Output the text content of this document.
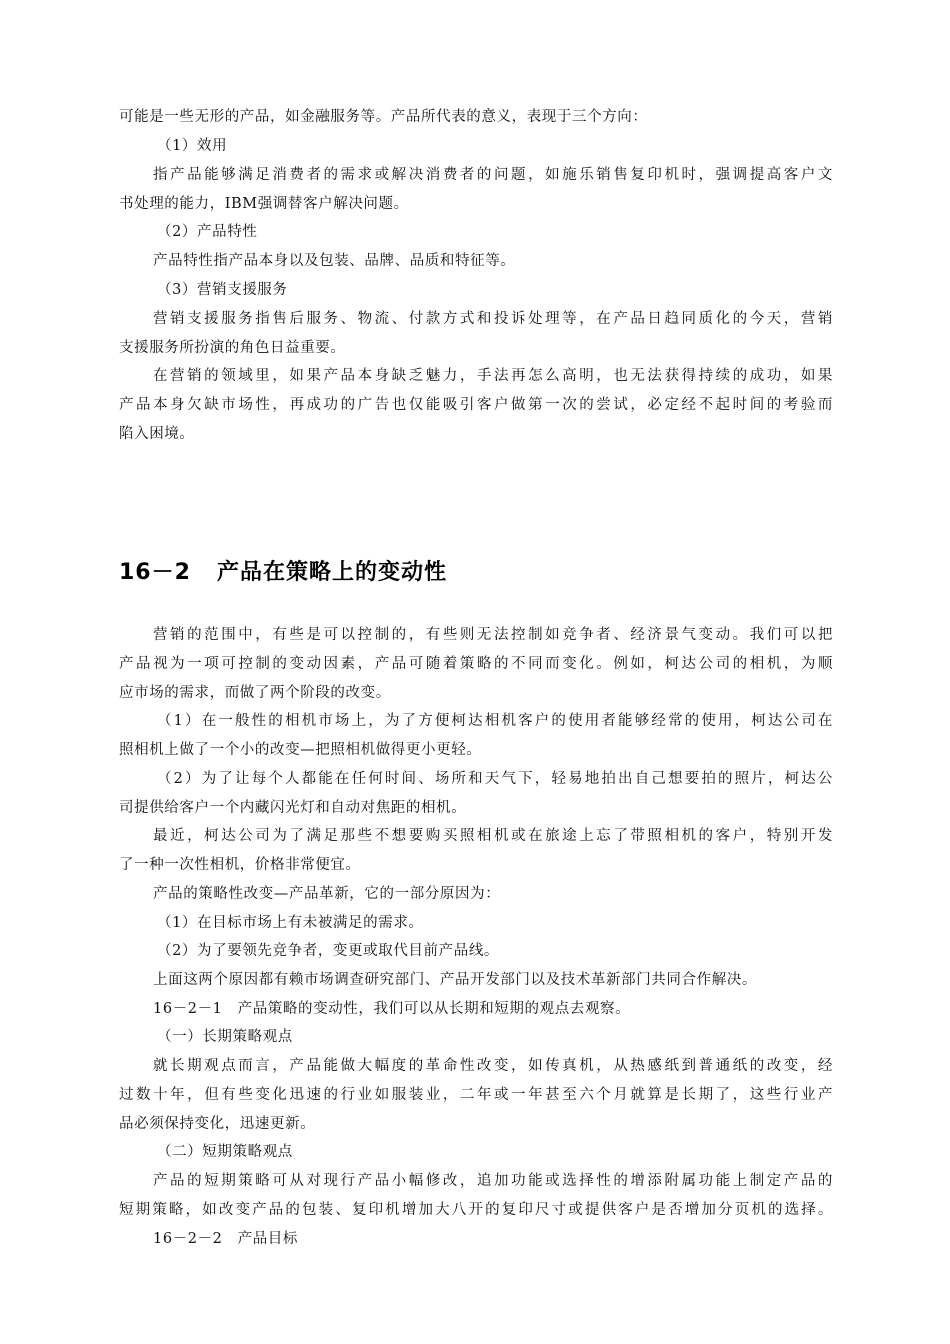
可能是一些无形的产品，如金融服务等。产品所代表的意义，表现于三个方向：
（1）效用
指产品能够满足消费者的需求或解决消费者的问题，如施乐销售复印机时，强调提高客户文
书处理的能力，IBM强调替客户解决问题。
（2）产品特性
产品特性指产品本身以及包装、品牌、品质和特征等。
（3）营销支援服务
营销支援服务指售后服务、物流、付款方式和投诉处理等，在产品日趋同质化的今天，营销
支援服务所扮演的角色日益重要。
在营销的领域里，如果产品本身缺乏魅力，手法再怎么高明，也无法获得持续的成功，如果
产品本身欠缺市场性，再成功的广告也仅能吸引客户做第一次的尝试，必定经不起时间的考验而
陷入困境。
16－2 产品在策略上的变动性
营销的范围中，有些是可以控制的，有些则无法控制如竞争者、经济景气变动。我们可以把
产品视为一项可控制的变动因素，产品可随着策略的不同而变化。例如，柯达公司的相机，为顺
应市场的需求，而做了两个阶段的改变。
（1）在一般性的相机市场上，为了方便柯达相机客户的使用者能够经常的使用，柯达公司在
照相机上做了一个小的改变—把照相机做得更小更轻。
（2）为了让每个人都能在任何时间、场所和天气下，轻易地拍出自己想要拍的照片，柯达公
司提供给客户一个内藏闪光灯和自动对焦距的相机。
最近，柯达公司为了满足那些不想要购买照相机或在旅途上忘了带照相机的客户，特别开发
了一种一次性相机，价格非常便宜。
产品的策略性改变—产品革新，它的一部分原因为：
（1）在目标市场上有未被满足的需求。
（2）为了要领先竞争者，变更或取代目前产品线。
上面这两个原因都有赖市场调查研究部门、产品开发部门以及技术革新部门共同合作解决。
16－2－1　产品策略的变动性，我们可以从长期和短期的观点去观察。
（一）长期策略观点
就长期观点而言，产品能做大幅度的革命性改变，如传真机，从热感纸到普通纸的改变，经
过数十年，但有些变化迅速的行业如服装业，二年或一年甚至六个月就算是长期了，这些行业产
品必须保持变化，迅速更新。
（二）短期策略观点
产品的短期策略可从对现行产品小幅修改，追加功能或选择性的增添附属功能上制定产品的
短期策略，如改变产品的包装、复印机增加大八开的复印尺寸或提供客户是否增加分页机的选择。
16－2－2　产品目标
